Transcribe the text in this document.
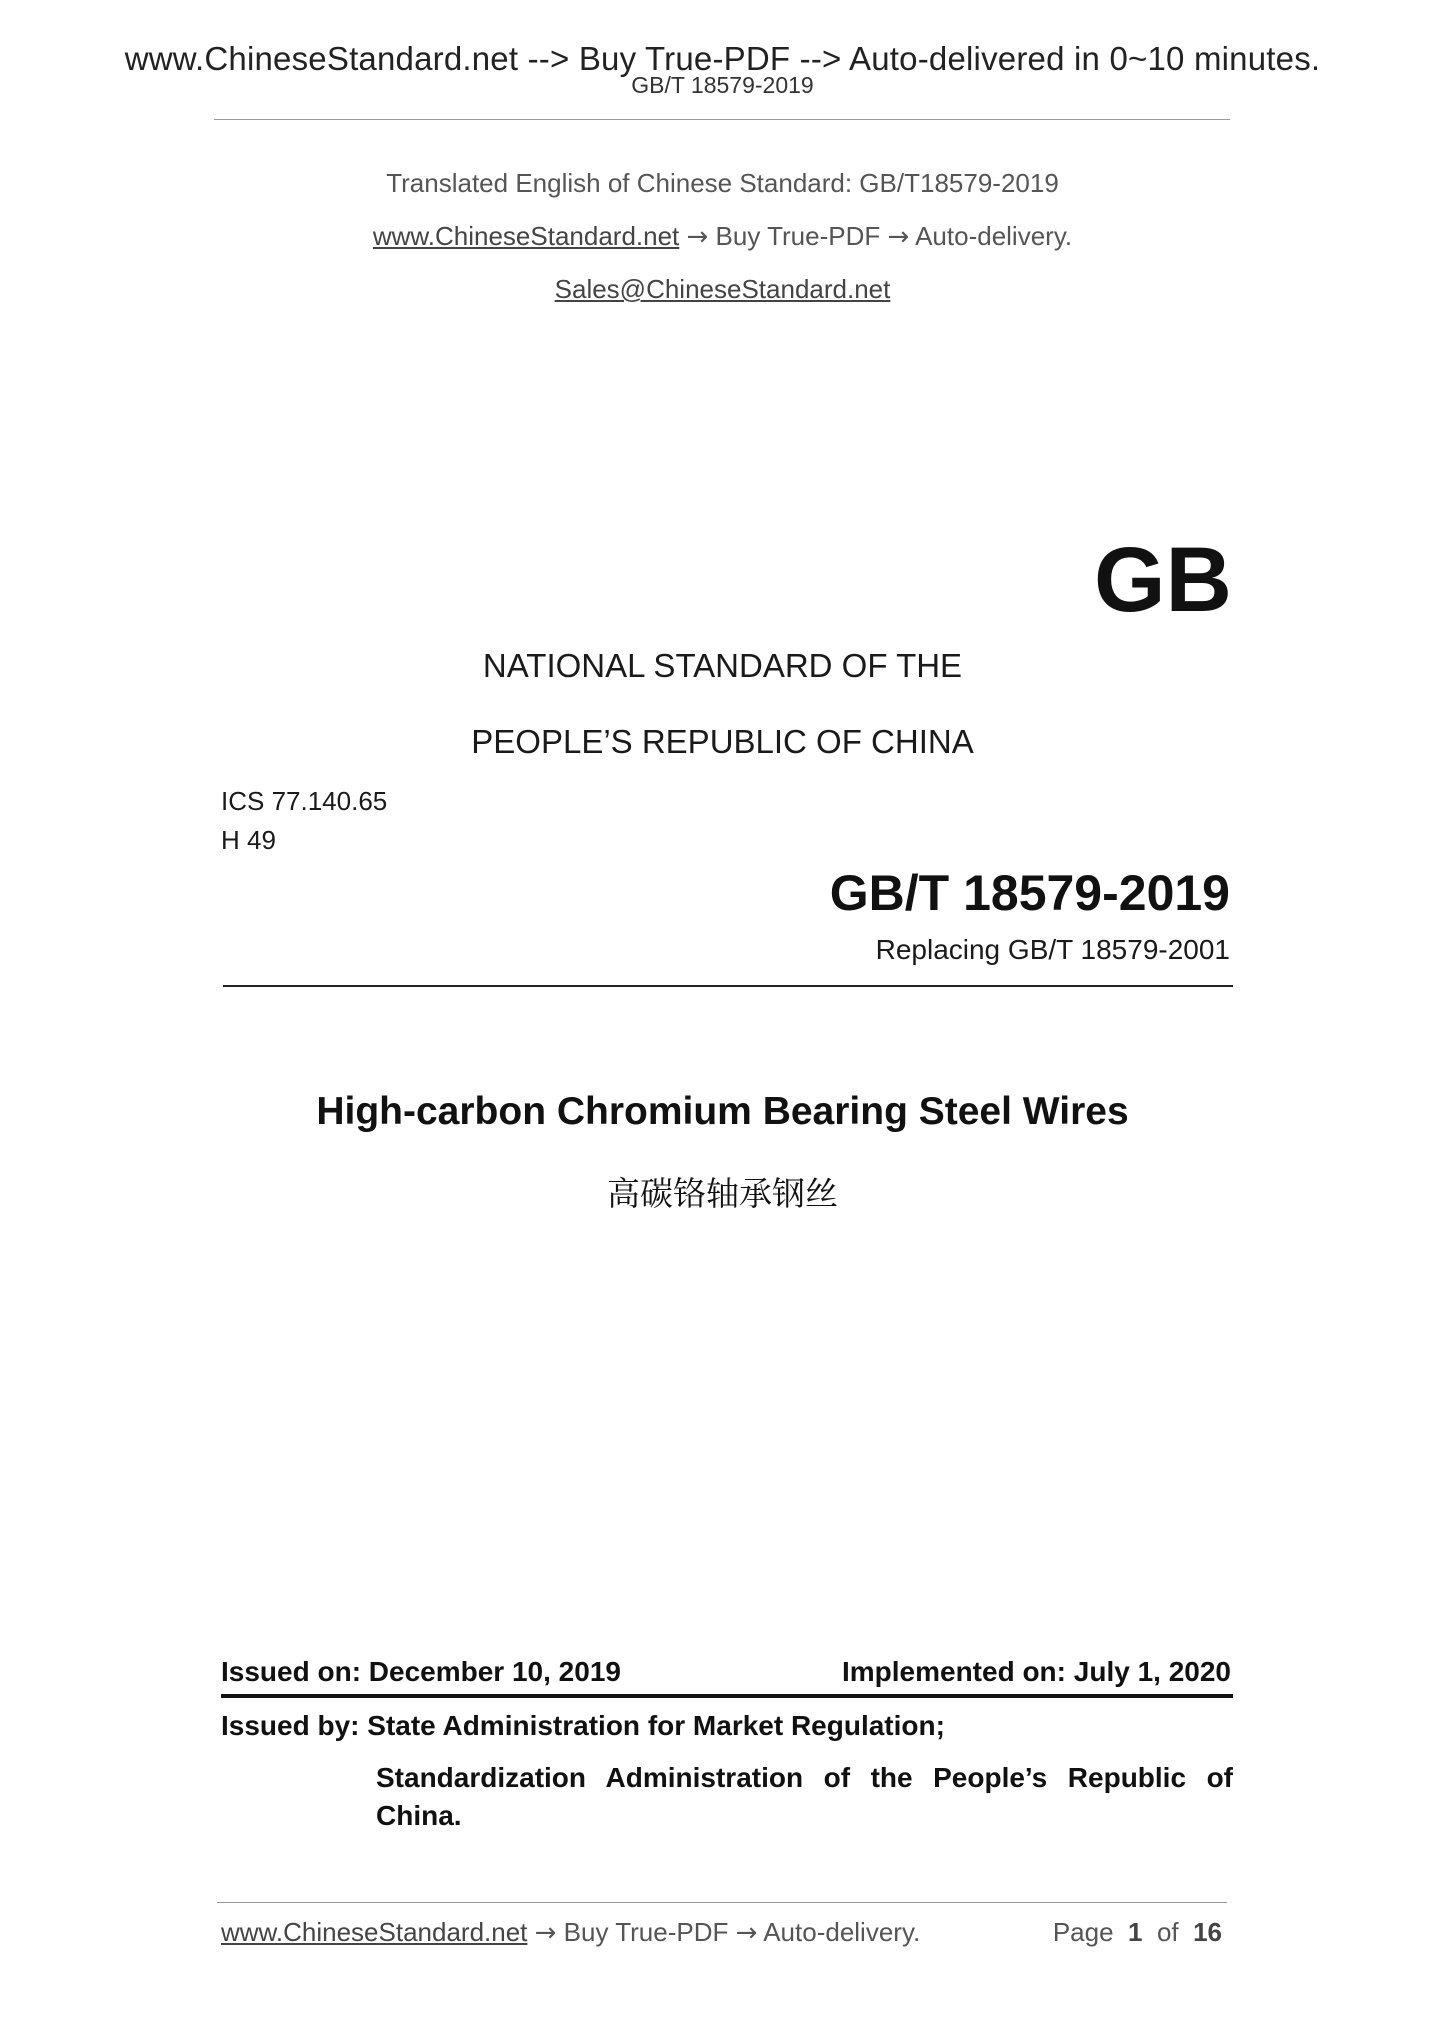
www.ChineseStandard.net --> Buy True-PDF --> Auto-delivered in 0~10 minutes.
GB/T 18579-2019
Translated English of Chinese Standard: GB/T18579-2019
www.ChineseStandard.net → Buy True-PDF → Auto-delivery.
Sales@ChineseStandard.net
GB
NATIONAL STANDARD OF THE
PEOPLE’S REPUBLIC OF CHINA
ICS 77.140.65
H 49
GB/T 18579-2019
Replacing GB/T 18579-2001
High-carbon Chromium Bearing Steel Wires
高碳铬轴承钢丝
Issued on: December 10, 2019	Implemented on: July 1, 2020
Issued by: State Administration for Market Regulation;
Standardization Administration of the People’s Republic of
China.
www.ChineseStandard.net → Buy True-PDF → Auto-delivery.	Page 1 of 16
